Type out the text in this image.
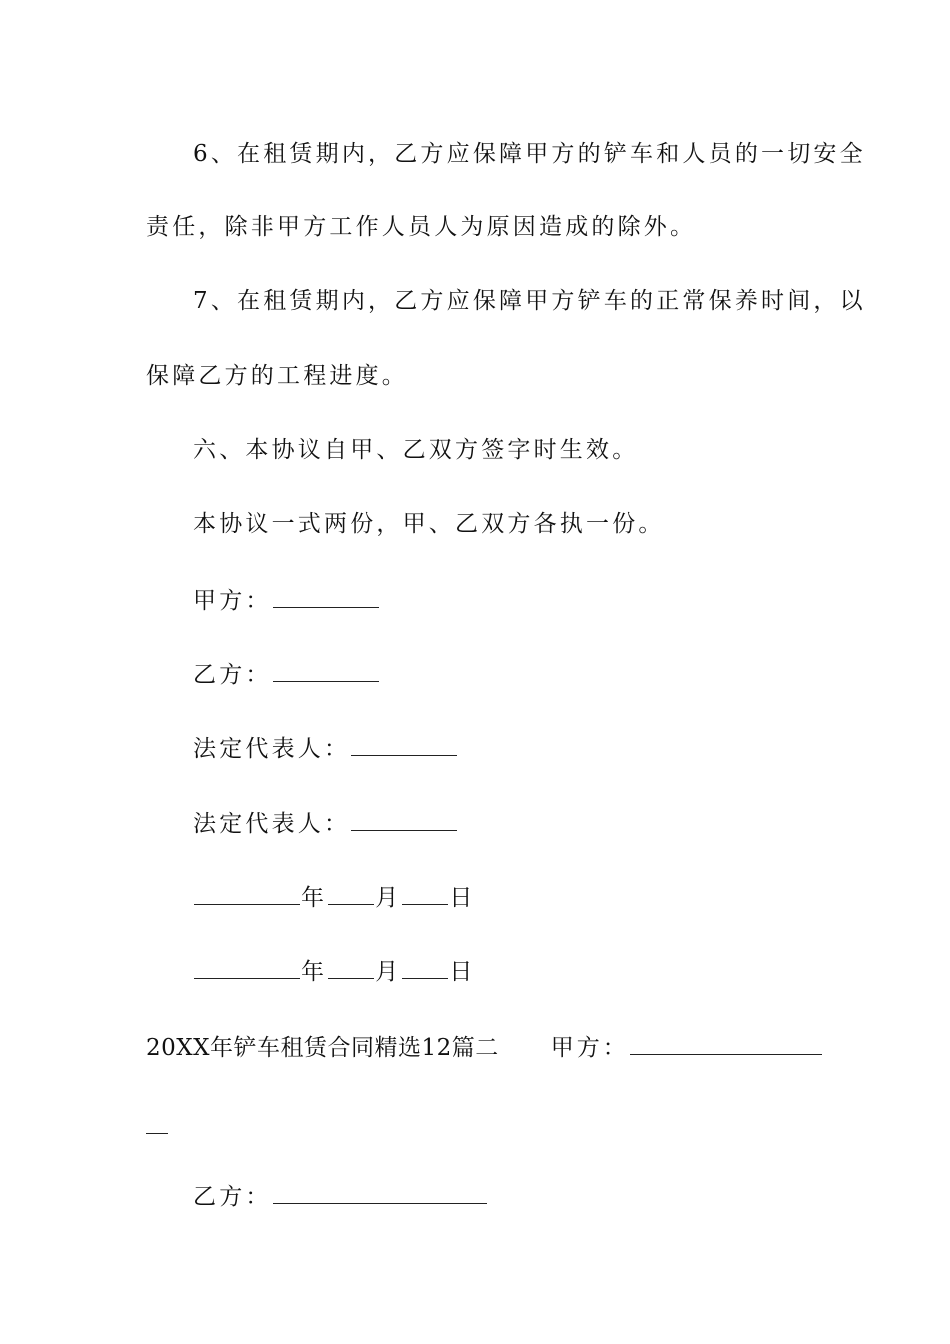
6、在租赁期内，乙方应保障甲方的铲车和人员的一切安全
责任，除非甲方工作人员人为原因造成的除外。
7、在租赁期内，乙方应保障甲方铲车的正常保养时间，以
保障乙方的工程进度。
六、本协议自甲、乙双方签字时生效。
本协议一式两份，甲、乙双方各执一份。
甲方：
乙方：
法定代表人：
法定代表人：
年 月 日
年 月 日
20XX年铲车租赁合同精选12篇二 甲方：
乙方：
